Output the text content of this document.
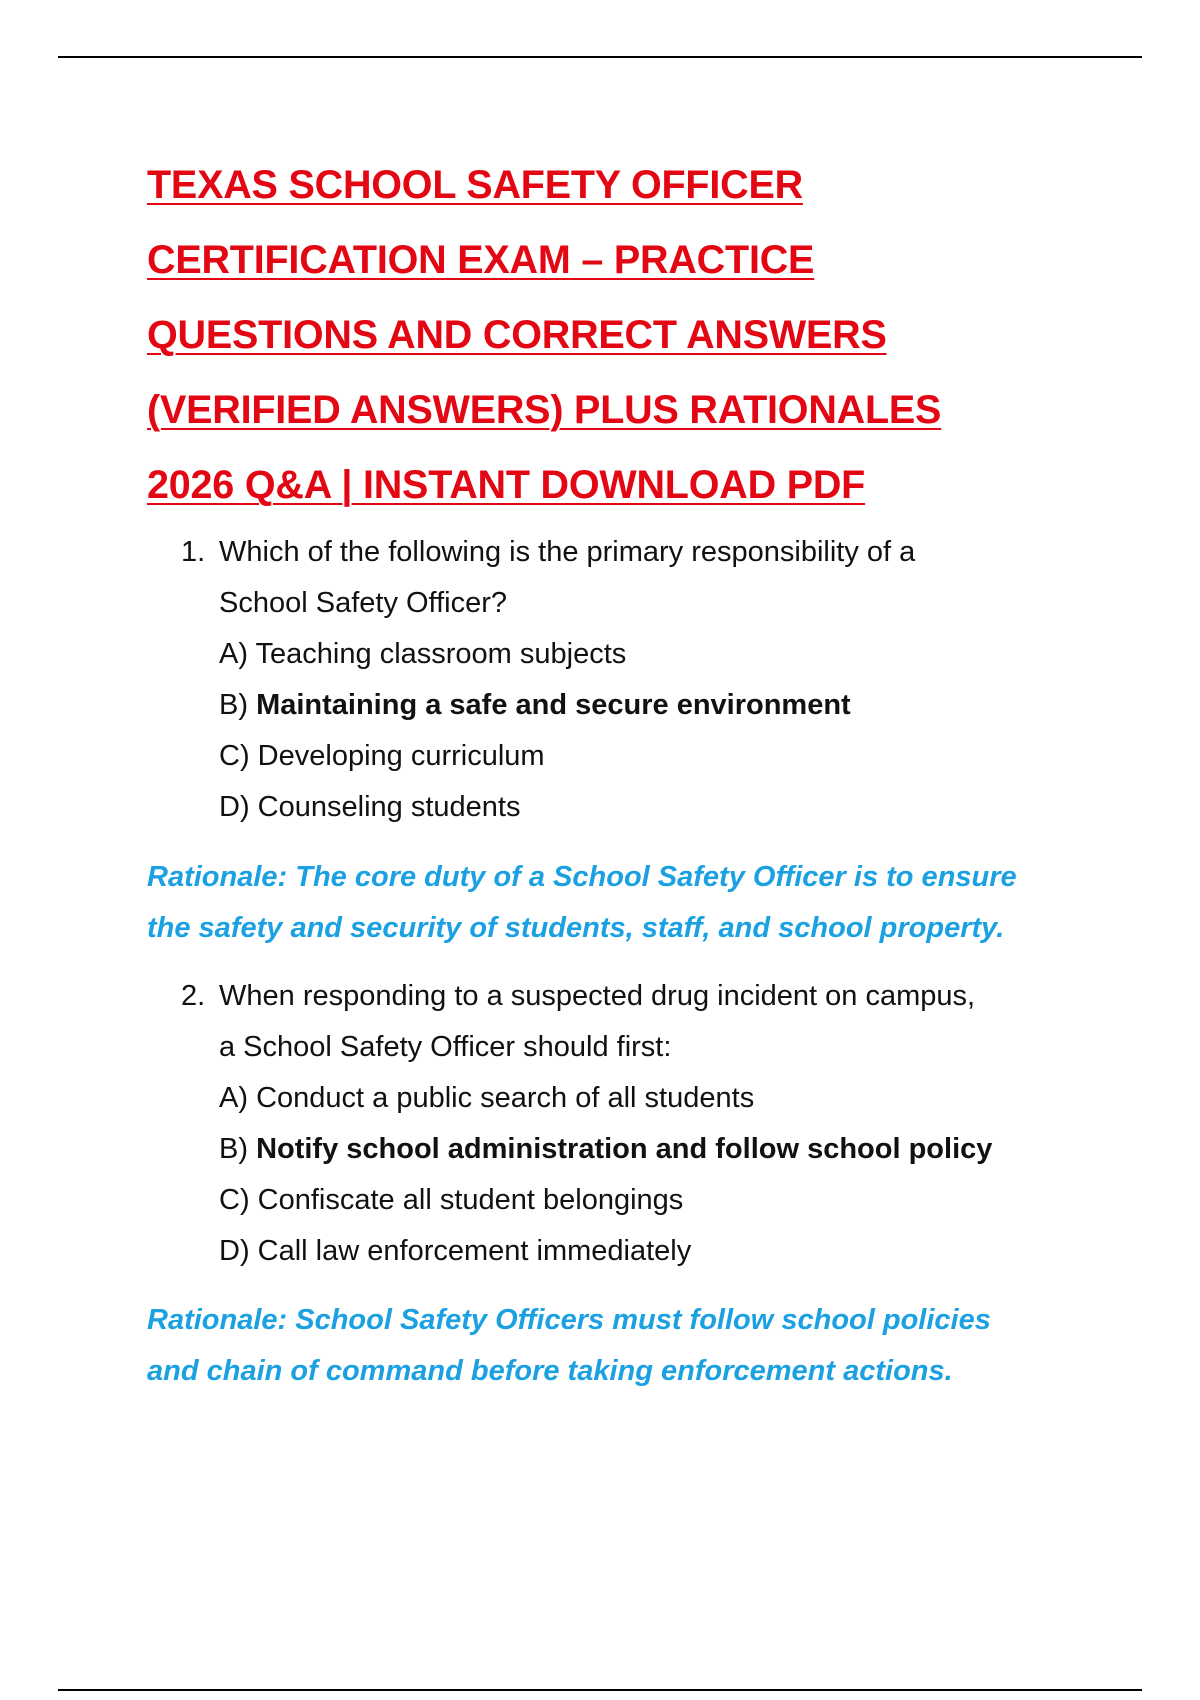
TEXAS SCHOOL SAFETY OFFICER
CERTIFICATION EXAM – PRACTICE
QUESTIONS AND CORRECT ANSWERS
(VERIFIED ANSWERS) PLUS RATIONALES
2026 Q&A | INSTANT DOWNLOAD PDF
1. Which of the following is the primary responsibility of a
School Safety Officer?
A) Teaching classroom subjects
B) Maintaining a safe and secure environment
C) Developing curriculum
D) Counseling students
Rationale: The core duty of a School Safety Officer is to ensure
the safety and security of students, staff, and school property.
2. When responding to a suspected drug incident on campus,
a School Safety Officer should first:
A) Conduct a public search of all students
B) Notify school administration and follow school policy
C) Confiscate all student belongings
D) Call law enforcement immediately
Rationale: School Safety Officers must follow school policies
and chain of command before taking enforcement actions.
